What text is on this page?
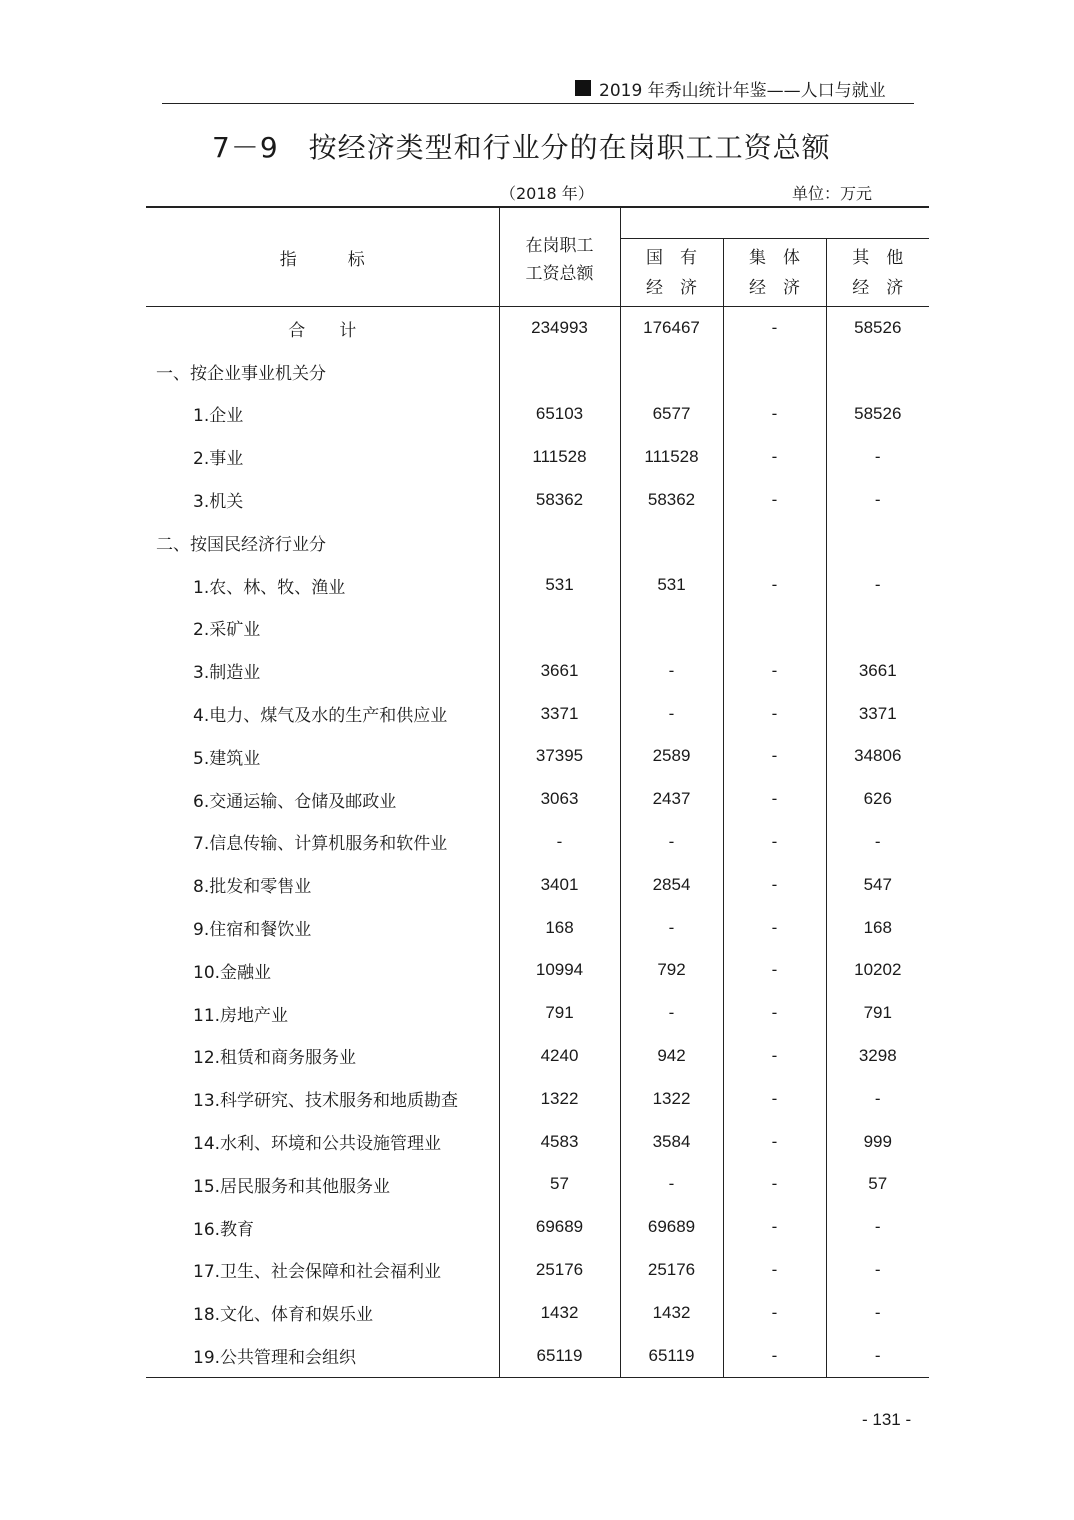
2019 年秀山统计年鉴——人口与就业
7－9 按经济类型和行业分的在岗职工工资总额
（2018 年）	单位：万元
指　　　标	在岗职工工资总额			

		国　有　经　济	集　体　经　济	其　他　经　济

合　　计	234993	176467	-	58526
一、按企业事业机关分				
1.企业	65103	6577	-	58526
2.事业	111528	111528	-	-
3.机关	58362	58362	-	-
二、按国民经济行业分				
1.农、林、牧、渔业	531	531	-	-
2.采矿业				
3.制造业	3661	-	-	3661
4.电力、煤气及水的生产和供应业	3371	-	-	3371
5.建筑业	37395	2589	-	34806
6.交通运输、仓储及邮政业	3063	2437	-	626
7.信息传输、计算机服务和软件业	-	-	-	-
8.批发和零售业	3401	2854	-	547
9.住宿和餐饮业	168	-	-	168
10.金融业	10994	792	-	10202
11.房地产业	791	-	-	791
12.租赁和商务服务业	4240	942	-	3298
13.科学研究、技术服务和地质勘查	1322	1322	-	-
14.水利、环境和公共设施管理业	4583	3584	-	999
15.居民服务和其他服务业	57	-	-	57
16.教育	69689	69689	-	-
17.卫生、社会保障和社会福利业	25176	25176	-	-
18.文化、体育和娱乐业	1432	1432	-	-
19.公共管理和会组织	65119	65119	-	-
- 131 -
